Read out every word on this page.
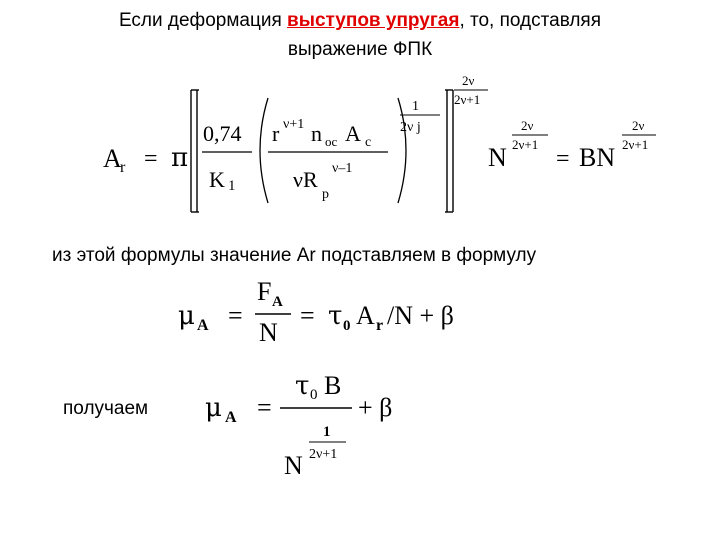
Если деформация выступов упругая, то, подставляя
выражение ФПК
A
r = π
0,74
K 1
r ν+1 n oc A c
νR
p
ν–1
1
2ν j
2ν
2ν+1
N
2ν
2ν+1
= BN
2ν
2ν+1
μ A =
F A
N
= τ 0 A r /N + β
μ A =
τ 0 B
+ β
N
1
2ν+1
из этой формулы значение Ar подставляем в формулу
получаем
